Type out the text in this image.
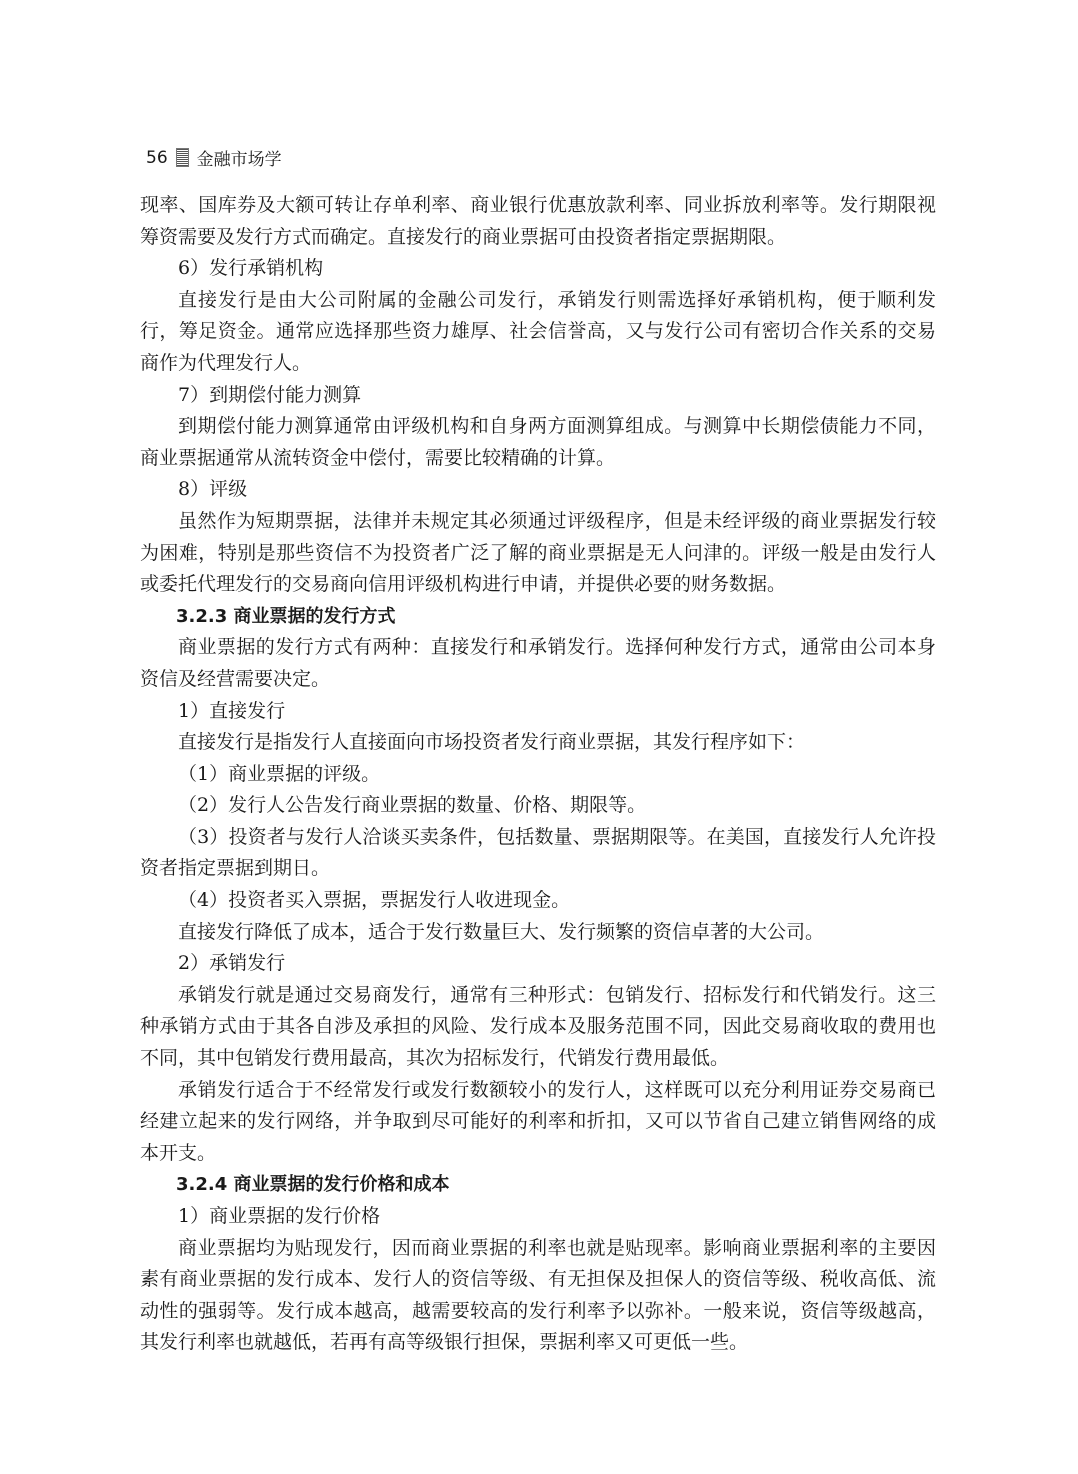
56 金融市场学

现率、国库券及大额可转让存单利率、商业银行优惠放款利率、同业拆放利率等。发行期限视筹资需要及发行方式而确定。直接发行的商业票据可由投资者指定票据期限。

6）发行承销机构

直接发行是由大公司附属的金融公司发行，承销发行则需选择好承销机构，便于顺利发行，筹足资金。通常应选择那些资力雄厚、社会信誉高，又与发行公司有密切合作关系的交易商作为代理发行人。

7）到期偿付能力测算

到期偿付能力测算通常由评级机构和自身两方面测算组成。与测算中长期偿债能力不同，商业票据通常从流转资金中偿付，需要比较精确的计算。

8）评级

虽然作为短期票据，法律并未规定其必须通过评级程序，但是未经评级的商业票据发行较为困难，特别是那些资信不为投资者广泛了解的商业票据是无人问津的。评级一般是由发行人或委托代理发行的交易商向信用评级机构进行申请，并提供必要的财务数据。

3.2.3 商业票据的发行方式

商业票据的发行方式有两种：直接发行和承销发行。选择何种发行方式，通常由公司本身资信及经营需要决定。

1）直接发行

直接发行是指发行人直接面向市场投资者发行商业票据，其发行程序如下：

（1）商业票据的评级。

（2）发行人公告发行商业票据的数量、价格、期限等。

（3）投资者与发行人洽谈买卖条件，包括数量、票据期限等。在美国，直接发行人允许投资者指定票据到期日。

（4）投资者买入票据，票据发行人收进现金。

直接发行降低了成本，适合于发行数量巨大、发行频繁的资信卓著的大公司。

2）承销发行

承销发行就是通过交易商发行，通常有三种形式：包销发行、招标发行和代销发行。这三种承销方式由于其各自涉及承担的风险、发行成本及服务范围不同，因此交易商收取的费用也不同，其中包销发行费用最高，其次为招标发行，代销发行费用最低。

承销发行适合于不经常发行或发行数额较小的发行人，这样既可以充分利用证券交易商已经建立起来的发行网络，并争取到尽可能好的利率和折扣，又可以节省自己建立销售网络的成本开支。

3.2.4 商业票据的发行价格和成本

1）商业票据的发行价格

商业票据均为贴现发行，因而商业票据的利率也就是贴现率。影响商业票据利率的主要因素有商业票据的发行成本、发行人的资信等级、有无担保及担保人的资信等级、税收高低、流动性的强弱等。发行成本越高，越需要较高的发行利率予以弥补。一般来说，资信等级越高，其发行利率也就越低，若再有高等级银行担保，票据利率又可更低一些。
